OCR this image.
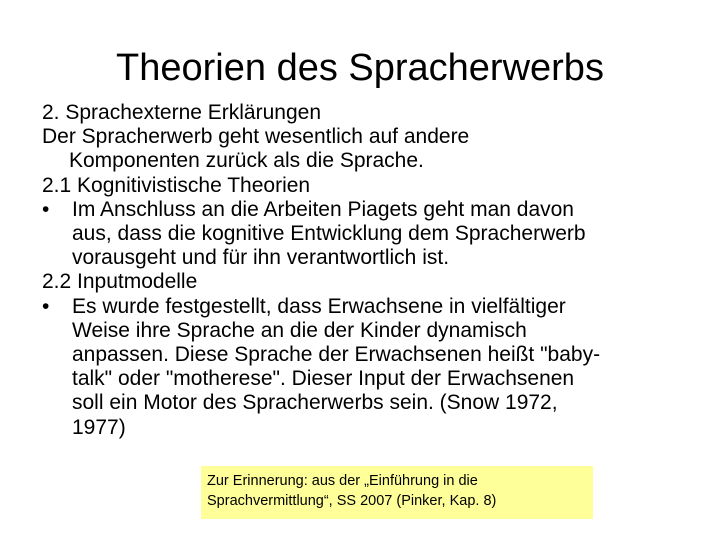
Theorien des Spracherwerbs
2. Sprachexterne Erklärungen
Der Spracherwerb geht wesentlich auf andere
Komponenten zurück als die Sprache.
2.1 Kognitivistische Theorien
• Im Anschluss an die Arbeiten Piagets geht man davon
aus, dass die kognitive Entwicklung dem Spracherwerb
vorausgeht und für ihn verantwortlich ist.
2.2 Inputmodelle
• Es wurde festgestellt, dass Erwachsene in vielfältiger
Weise ihre Sprache an die der Kinder dynamisch
anpassen. Diese Sprache der Erwachsenen heißt "baby-
talk" oder "motherese". Dieser Input der Erwachsenen
soll ein Motor des Spracherwerbs sein. (Snow 1972,
1977)
Zur Erinnerung: aus der „Einführung in die
Sprachvermittlung“, SS 2007 (Pinker, Kap. 8)
